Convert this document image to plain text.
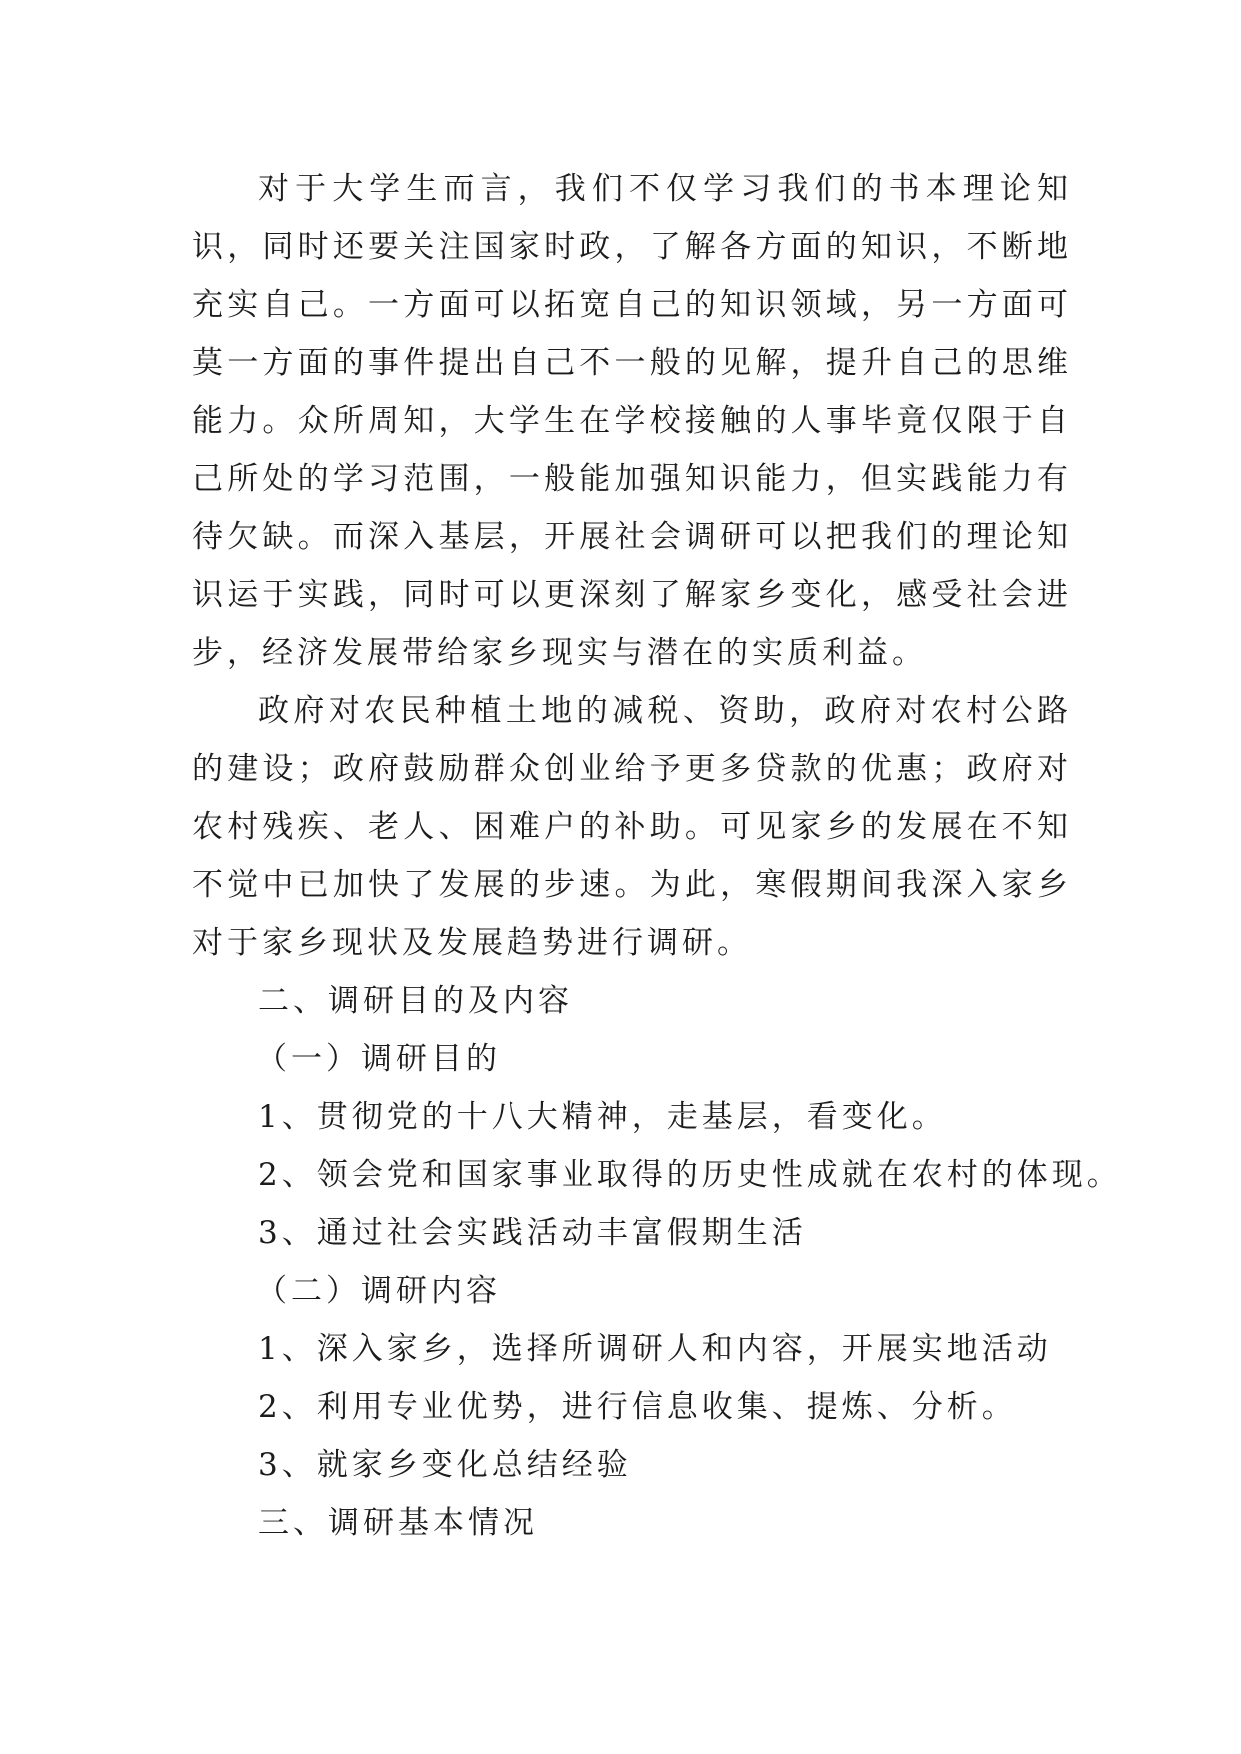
对于大学生而言，我们不仅学习我们的书本理论知识，同时还要关注国家时政，了解各方面的知识，不断地充实自己。一方面可以拓宽自己的知识领域，另一方面可莫一方面的事件提出自己不一般的见解，提升自己的思维能力。众所周知，大学生在学校接触的人事毕竟仅限于自己所处的学习范围，一般能加强知识能力，但实践能力有待欠缺。而深入基层，开展社会调研可以把我们的理论知识运于实践，同时可以更深刻了解家乡变化，感受社会进步，经济发展带给家乡现实与潜在的实质利益。

政府对农民种植土地的减税、资助，政府对农村公路的建设；政府鼓励群众创业给予更多贷款的优惠；政府对农村残疾、老人、困难户的补助。可见家乡的发展在不知不觉中已加快了发展的步速。为此，寒假期间我深入家乡对于家乡现状及发展趋势进行调研。

二、调研目的及内容

（一）调研目的

1、贯彻党的十八大精神，走基层，看变化。

2、领会党和国家事业取得的历史性成就在农村的体现。

3、通过社会实践活动丰富假期生活

（二）调研内容

1、深入家乡，选择所调研人和内容，开展实地活动

2、利用专业优势，进行信息收集、提炼、分析。

3、就家乡变化总结经验

三、调研基本情况
